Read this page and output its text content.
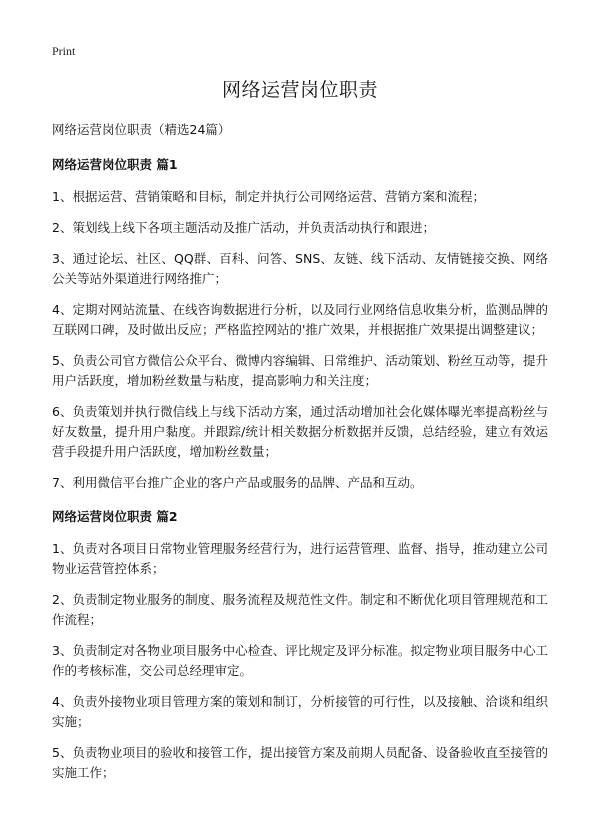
Print
网络运营岗位职责
网络运营岗位职责（精选24篇）
网络运营岗位职责 篇1

1、根据运营、营销策略和目标，制定并执行公司网络运营、营销方案和流程；

2、策划线上线下各项主题活动及推广活动，并负责活动执行和跟进；

3、通过论坛、社区、QQ群、百科、问答、SNS、友链、线下活动、友情链接交换、网络公关等站外渠道进行网络推广；

4、定期对网站流量、在线咨询数据进行分析，以及同行业网络信息收集分析，监测品牌的互联网口碑，及时做出反应；严格监控网站的'推广效果，并根据推广效果提出调整建议；

5、负责公司官方微信公众平台、微博内容编辑、日常维护、活动策划、粉丝互动等，提升用户活跃度，增加粉丝数量与粘度，提高影响力和关注度；

6、负责策划并执行微信线上与线下活动方案，通过活动增加社会化媒体曝光率提高粉丝与好友数量，提升用户黏度。并跟踪/统计相关数据分析数据并反馈，总结经验，建立有效运营手段提升用户活跃度，增加粉丝数量；

7、利用微信平台推广企业的客户产品或服务的品牌、产品和互动。

网络运营岗位职责 篇2

1、负责对各项目日常物业管理服务经营行为，进行运营管理、监督、指导，推动建立公司物业运营管控体系；

2、负责制定物业服务的制度、服务流程及规范性文件。制定和不断优化项目管理规范和工作流程；

3、负责制定对各物业项目服务中心检查、评比规定及评分标准。拟定物业项目服务中心工作的考核标准，交公司总经理审定。

4、负责外接物业项目管理方案的策划和制订，分析接管的可行性，以及接触、洽谈和组织实施；

5、负责物业项目的验收和接管工作，提出接管方案及前期人员配备、设备验收直至接管的实施工作；
